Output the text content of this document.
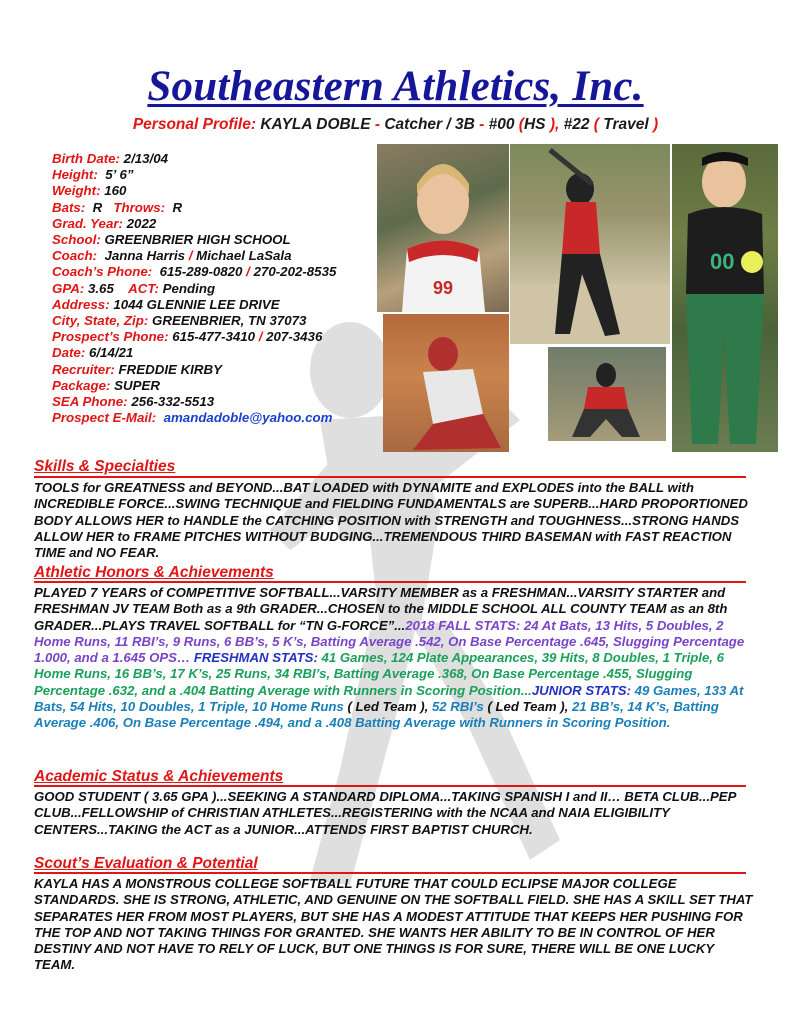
Southeastern Athletics, Inc.
Personal Profile: KAYLA DOBLE - Catcher / 3B - #00 (HS ), #22 ( Travel )
Birth Date: 2/13/04
Height: 5’ 6”
Weight: 160
Bats: R Throws: R
Grad. Year: 2022
School: GREENBRIER HIGH SCHOOL
Coach: Janna Harris / Michael LaSala
Coach’s Phone: 615-289-0820 / 270-202-8535
GPA: 3.65 ACT: Pending
Address: 1044 GLENNIE LEE DRIVE
City, State, Zip: GREENBRIER, TN 37073
Prospect’s Phone: 615-477-3410 / 207-3436
Date: 6/14/21
Recruiter: FREDDIE KIRBY
Package: SUPER
SEA Phone: 256-332-5513
Prospect E-Mail: amandadoble@yahoo.com
99
00
Skills & Specialties
TOOLS for GREATNESS and BEYOND...BAT LOADED with DYNAMITE and EXPLODES into the BALL with INCREDIBLE FORCE...SWING TECHNIQUE and FIELDING FUNDAMENTALS are SUPERB...HARD PROPORTIONED BODY ALLOWS HER to HANDLE the CATCHING POSITION with STRENGTH and TOUGHNESS...STRONG HANDS ALLOW HER to FRAME PITCHES WITHOUT BUDGING...TREMENDOUS THIRD BASEMAN with FAST REACTION TIME and NO FEAR.
Athletic Honors & Achievements
PLAYED 7 YEARS of COMPETITIVE SOFTBALL...VARSITY MEMBER as a FRESHMAN...VARSITY STARTER and FRESHMAN JV TEAM Both as a 9th GRADER...CHOSEN to the MIDDLE SCHOOL ALL COUNTY TEAM as an 8th GRADER...PLAYS TRAVEL SOFTBALL for “TN G-FORCE”...2018 FALL STATS: 24 At Bats, 13 Hits, 5 Doubles, 2 Home Runs, 11 RBI’s, 9 Runs, 6 BB’s, 5 K’s, Batting Average .542, On Base Percentage .645, Slugging Percentage 1.000, and a 1.645 OPS… FRESHMAN STATS: 41 Games, 124 Plate Appearances, 39 Hits, 8 Doubles, 1 Triple, 6 Home Runs, 16 BB’s, 17 K’s, 25 Runs, 34 RBI’s, Batting Average .368, On Base Percentage .455, Slugging Percentage .632, and a .404 Batting Average with Runners in Scoring Position...JUNIOR STATS: 49 Games, 133 At Bats, 54 Hits, 10 Doubles, 1 Triple, 10 Home Runs ( Led Team ), 52 RBI’s ( Led Team ), 21 BB’s, 14 K’s, Batting Average .406, On Base Percentage .494, and a .408 Batting Average with Runners in Scoring Position.
Academic Status & Achievements
GOOD STUDENT ( 3.65 GPA )...SEEKING A STANDARD DIPLOMA...TAKING SPANISH I and II… BETA CLUB...PEP CLUB...FELLOWSHIP of CHRISTIAN ATHLETES...REGISTERING with the NCAA and NAIA ELIGIBILITY CENTERS...TAKING the ACT as a JUNIOR...ATTENDS FIRST BAPTIST CHURCH.
Scout’s Evaluation & Potential
KAYLA HAS A MONSTROUS COLLEGE SOFTBALL FUTURE THAT COULD ECLIPSE MAJOR COLLEGE STANDARDS. SHE IS STRONG, ATHLETIC, AND GENUINE ON THE SOFTBALL FIELD. SHE HAS A SKILL SET THAT SEPARATES HER FROM MOST PLAYERS, BUT SHE HAS A MODEST ATTITUDE THAT KEEPS HER PUSHING FOR THE TOP AND NOT TAKING THINGS FOR GRANTED. SHE WANTS HER ABILITY TO BE IN CONTROL OF HER DESTINY AND NOT HAVE TO RELY OF LUCK, BUT ONE THINGS IS FOR SURE, THERE WILL BE ONE LUCKY TEAM.
